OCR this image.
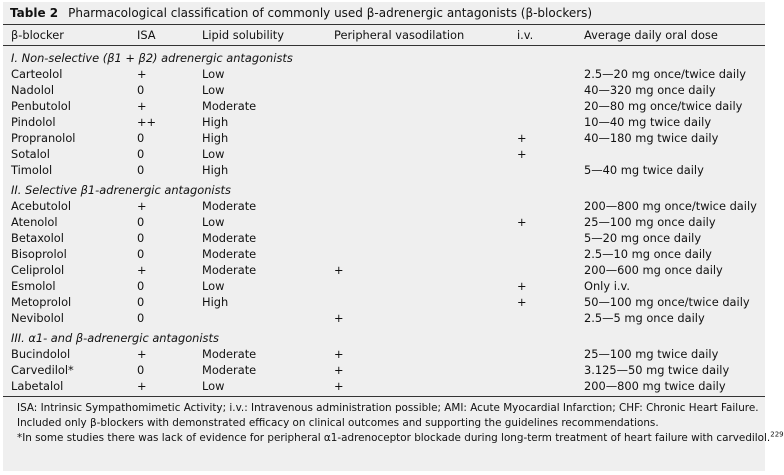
Table 2 Pharmacological classification of commonly used β-adrenergic antagonists (β-blockers)
β-blocker	ISA	Lipid solubility	Peripheral vasodilation	i.v.	Average daily oral dose
I. Non-selective (β1 + β2) adrenergic antagonists					
Carteolol	+	Low			2.5—20 mg once/twice daily
Nadolol	0	Low			40—320 mg once daily
Penbutolol	+	Moderate			20—80 mg once/twice daily
Pindolol	++	High			10—40 mg twice daily
Propranolol	0	High		+	40—180 mg twice daily
Sotalol	0	Low		+	
Timolol	0	High			5—40 mg twice daily
II. Selective β1-adrenergic antagonists					
Acebutolol	+	Moderate			200—800 mg once/twice daily
Atenolol	0	Low		+	25—100 mg once daily
Betaxolol	0	Moderate			5—20 mg once daily
Bisoprolol	0	Moderate			2.5—10 mg once daily
Celiprolol	+	Moderate	+		200—600 mg once daily
Esmolol	0	Low		+	Only i.v.
Metoprolol	0	High		+	50—100 mg once/twice daily
Nevibolol	0		+		2.5—5 mg once daily
III. α1- and β-adrenergic antagonists					
Bucindolol	+	Moderate	+		25—100 mg twice daily
Carvedilol*	0	Moderate	+		3.125—50 mg twice daily
Labetalol	+	Low	+		200—800 mg twice daily
ISA: Intrinsic Sympathomimetic Activity; i.v.: Intravenous administration possible; AMI: Acute Myocardial Infarction; CHF: Chronic Heart Failure.
Included only β-blockers with demonstrated efficacy on clinical outcomes and supporting the guidelines recommendations.
*In some studies there was lack of evidence for peripheral α1-adrenoceptor blockade during long-term treatment of heart failure with carvedilol.$^{229}$
